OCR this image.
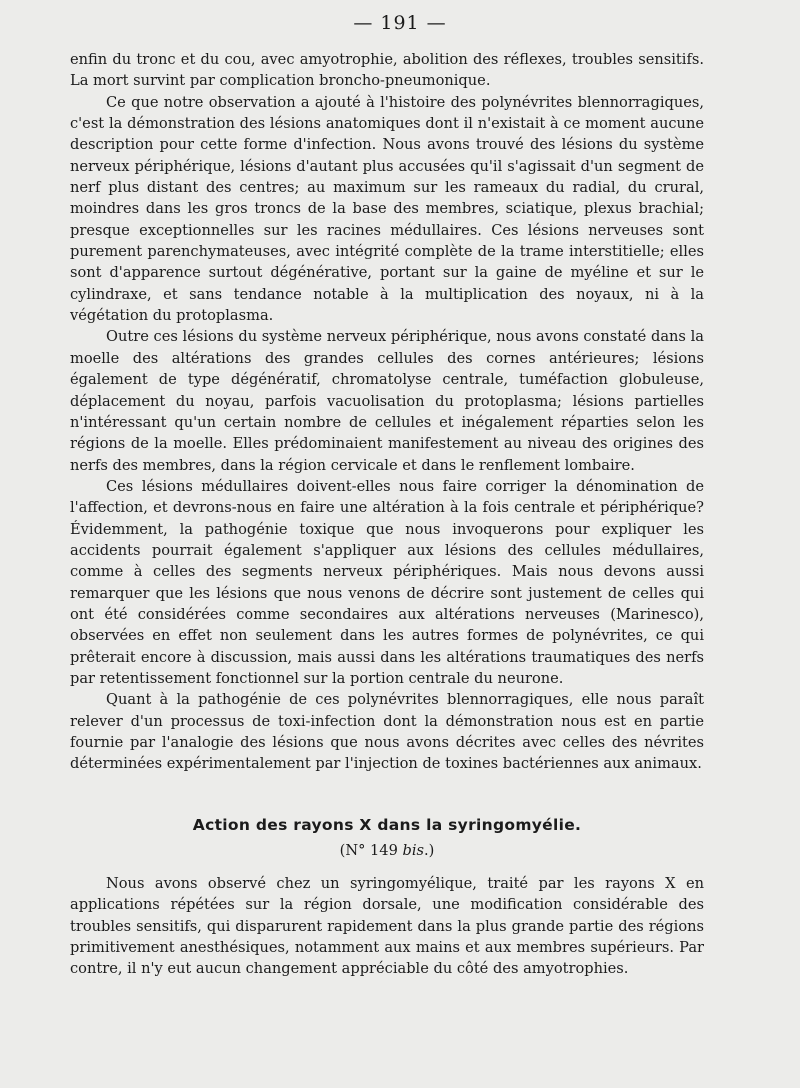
— 191 —

enfin du tronc et du cou, avec amyotrophie, abolition des réflexes, troubles sensitifs. La mort survint par complication broncho-pneumonique.

Ce que notre observation a ajouté à l'histoire des polynévrites blennorragiques, c'est la démonstration des lésions anatomiques dont il n'existait à ce moment aucune description pour cette forme d'infection. Nous avons trouvé des lésions du système nerveux périphérique, lésions d'autant plus accusées qu'il s'agissait d'un segment de nerf plus distant des centres; au maximum sur les rameaux du radial, du crural, moindres dans les gros troncs de la base des membres, sciatique, plexus brachial; presque exceptionnelles sur les racines médullaires. Ces lésions nerveuses sont purement parenchymateuses, avec intégrité complète de la trame interstitielle; elles sont d'apparence surtout dégénérative, portant sur la gaine de myéline et sur le cylindraxe, et sans tendance notable à la multiplication des noyaux, ni à la végétation du protoplasma.

Outre ces lésions du système nerveux périphérique, nous avons constaté dans la moelle des altérations des grandes cellules des cornes antérieures; lésions également de type dégénératif, chromatolyse centrale, tuméfaction globuleuse, déplacement du noyau, parfois vacuolisation du protoplasma; lésions partielles n'intéressant qu'un certain nombre de cellules et inégalement réparties selon les régions de la moelle. Elles prédominaient manifestement au niveau des origines des nerfs des membres, dans la région cervicale et dans le renflement lombaire.

Ces lésions médullaires doivent-elles nous faire corriger la dénomination de l'affection, et devrons-nous en faire une altération à la fois centrale et périphérique? Évidemment, la pathogénie toxique que nous invoquerons pour expliquer les accidents pourrait également s'appliquer aux lésions des cellules médullaires, comme à celles des segments nerveux périphériques. Mais nous devons aussi remarquer que les lésions que nous venons de décrire sont justement de celles qui ont été considérées comme secondaires aux altérations nerveuses (Marinesco), observées en effet non seulement dans les autres formes de polynévrites, ce qui prêterait encore à discussion, mais aussi dans les altérations traumatiques des nerfs par retentissement fonctionnel sur la portion centrale du neurone.

Quant à la pathogénie de ces polynévrites blennorragiques, elle nous paraît relever d'un processus de toxi-infection dont la démonstration nous est en partie fournie par l'analogie des lésions que nous avons décrites avec celles des névrites déterminées expérimentalement par l'injection de toxines bactériennes aux animaux.

Action des rayons X dans la syringomyélie.
(N° 149 bis.)

Nous avons observé chez un syringomyélique, traité par les rayons X en applications répétées sur la région dorsale, une modification considérable des troubles sensitifs, qui disparurent rapidement dans la plus grande partie des régions primitivement anesthésiques, notamment aux mains et aux membres supérieurs. Par contre, il n'y eut aucun changement appréciable du côté des amyotrophies.
